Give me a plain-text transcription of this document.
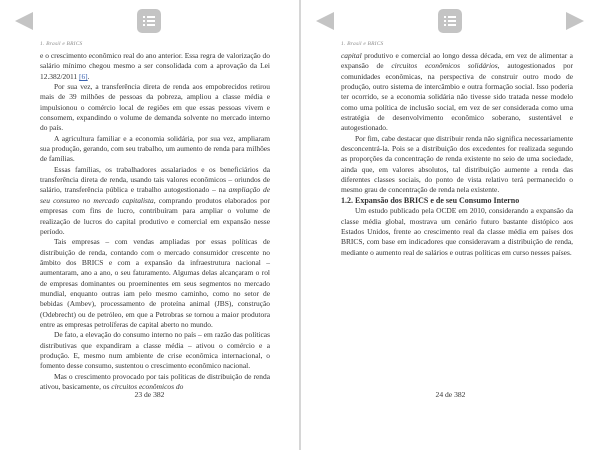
1. Brasil e BRICS

e o crescimento econômico real do ano anterior. Essa regra de valorização do salário mínimo chegou mesmo a ser consolidada com a aprovação da Lei 12.382/2011 [6].

Por sua vez, a transferência direta de renda aos empobrecidos retirou mais de 39 milhões de pessoas da pobreza, ampliou a classe média e impulsionou o comércio local de regiões em que essas pessoas vivem e consomem, expandindo o volume de demanda solvente no mercado interno do país.

A agricultura familiar e a economia solidária, por sua vez, ampliaram sua produção, gerando, com seu trabalho, um aumento de renda para milhões de famílias.

Essas famílias, os trabalhadores assalariados e os beneficiários da transferência direta de renda, usando tais valores econômicos – oriundos de salário, transferência pública e trabalho autogestionado – na ampliação de seu consumo no mercado capitalista, comprando produtos elaborados por empresas com fins de lucro, contribuíram para ampliar o volume de realização de lucros do capital produtivo e comercial em expansão nesse período.

Tais empresas – com vendas ampliadas por essas políticas de distribuição de renda, contando com o mercado consumidor crescente no âmbito dos BRICS e com a expansão da infraestrutura nacional – aumentaram, ano a ano, o seu faturamento. Algumas delas alcançaram o rol de empresas dominantes ou proeminentes em seus segmentos no mercado mundial, enquanto outras iam pelo mesmo caminho, como no setor de bebidas (Ambev), processamento de proteína animal (JBS), construção (Odebrecht) ou de petróleo, em que a Petrobras se tornou a maior produtora entre as empresas petrolíferas de capital aberto no mundo.

De fato, a elevação do consumo interno no país – em razão das políticas distributivas que expandiram a classe média – ativou o comércio e a produção. E, mesmo num ambiente de crise econômica internacional, o fomento desse consumo, sustentou o crescimento econômico nacional.

Mas o crescimento provocado por tais políticas de distribuição de renda ativou, basicamente, os circuitos econômicos do

23 de 382
1. Brasil e BRICS

capital produtivo e comercial ao longo dessa década, em vez de alimentar a expansão de circuitos econômicos solidários, autogestionados por comunidades econômicas, na perspectiva de construir outro modo de produção, outro sistema de intercâmbio e outra formação social. Isso poderia ter ocorrido, se a economia solidária não tivesse sido tratada nesse modelo como uma política de inclusão social, em vez de ser considerada como uma estratégia de desenvolvimento econômico soberano, sustentável e autogestionado.

Por fim, cabe destacar que distribuir renda não significa necessariamente desconcentrá-la. Pois se a distribuição dos excedentes for realizada segundo as proporções da concentração de renda existente no seio de uma sociedade, ainda que, em valores absolutos, tal distribuição aumente a renda das diferentes classes sociais, do ponto de vista relativo terá permanecido o mesmo grau de concentração de renda nela existente.

1.2. Expansão dos BRICS e de seu Consumo Interno

Um estudo publicado pela OCDE em 2010, considerando a expansão da classe média global, mostrava um cenário futuro bastante distópico aos Estados Unidos, frente ao crescimento real da classe média em países dos BRICS, com base em indicadores que consideravam a distribuição de renda, mediante o aumento real de salários e outras políticas em curso nesses países.

24 de 382
